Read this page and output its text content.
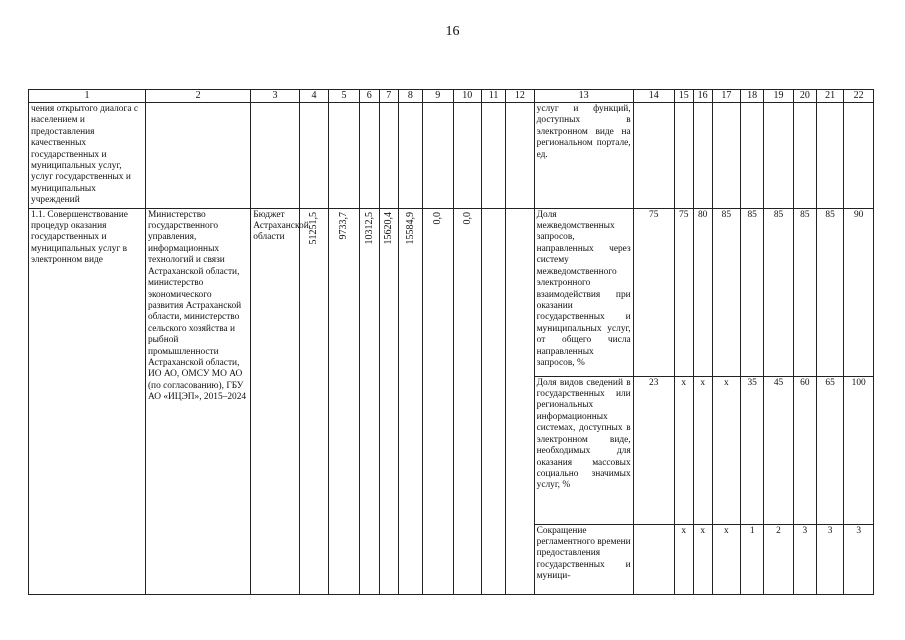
16
1	2	3	4	5	6	7	8	9	10	11	12	13	14	15	16	17	18	19	20	21	22
чения открытого диалога с населением и предоставления качественных государственных и муниципальных услуг, услуг государственных и муниципальных учреждений												услуг и функций, доступных в электронном виде на региональном портале, ед.									
1.1. Совершенствование процедур оказания государственных и муниципальных услуг в электронном виде	Министерство государственного управления, информационных технологий и связи Астраханской области, министерство экономического развития Астраханской области, министерство сельского хозяйства и рыбной промышленности Астраханской области, ИО АО, ОМСУ МО АО (по согласованию), ГБУ АО «ИЦЭП», 2015–2024	Бюджет Астраханской области	51251,5	9733,7	10312,5	15620,4	15584,9	0,0	0,0			Доля межведомственных запросов, направленных через систему межведомственного электронного взаимодействия при оказании государственных и муниципальных услуг, от общего числа направленных запросов, %	75	75	80	85	85	85	85	85	90
												Доля видов сведений в государственных или региональных информационных системах, доступных в электронном виде, необходимых для оказания массовых социально значимых услуг, %	23	x	x	x	35	45	60	65	100
												Сокращение регламентного времени предоставления государственных и муници-		x	x	x	1	2	3	3	3
